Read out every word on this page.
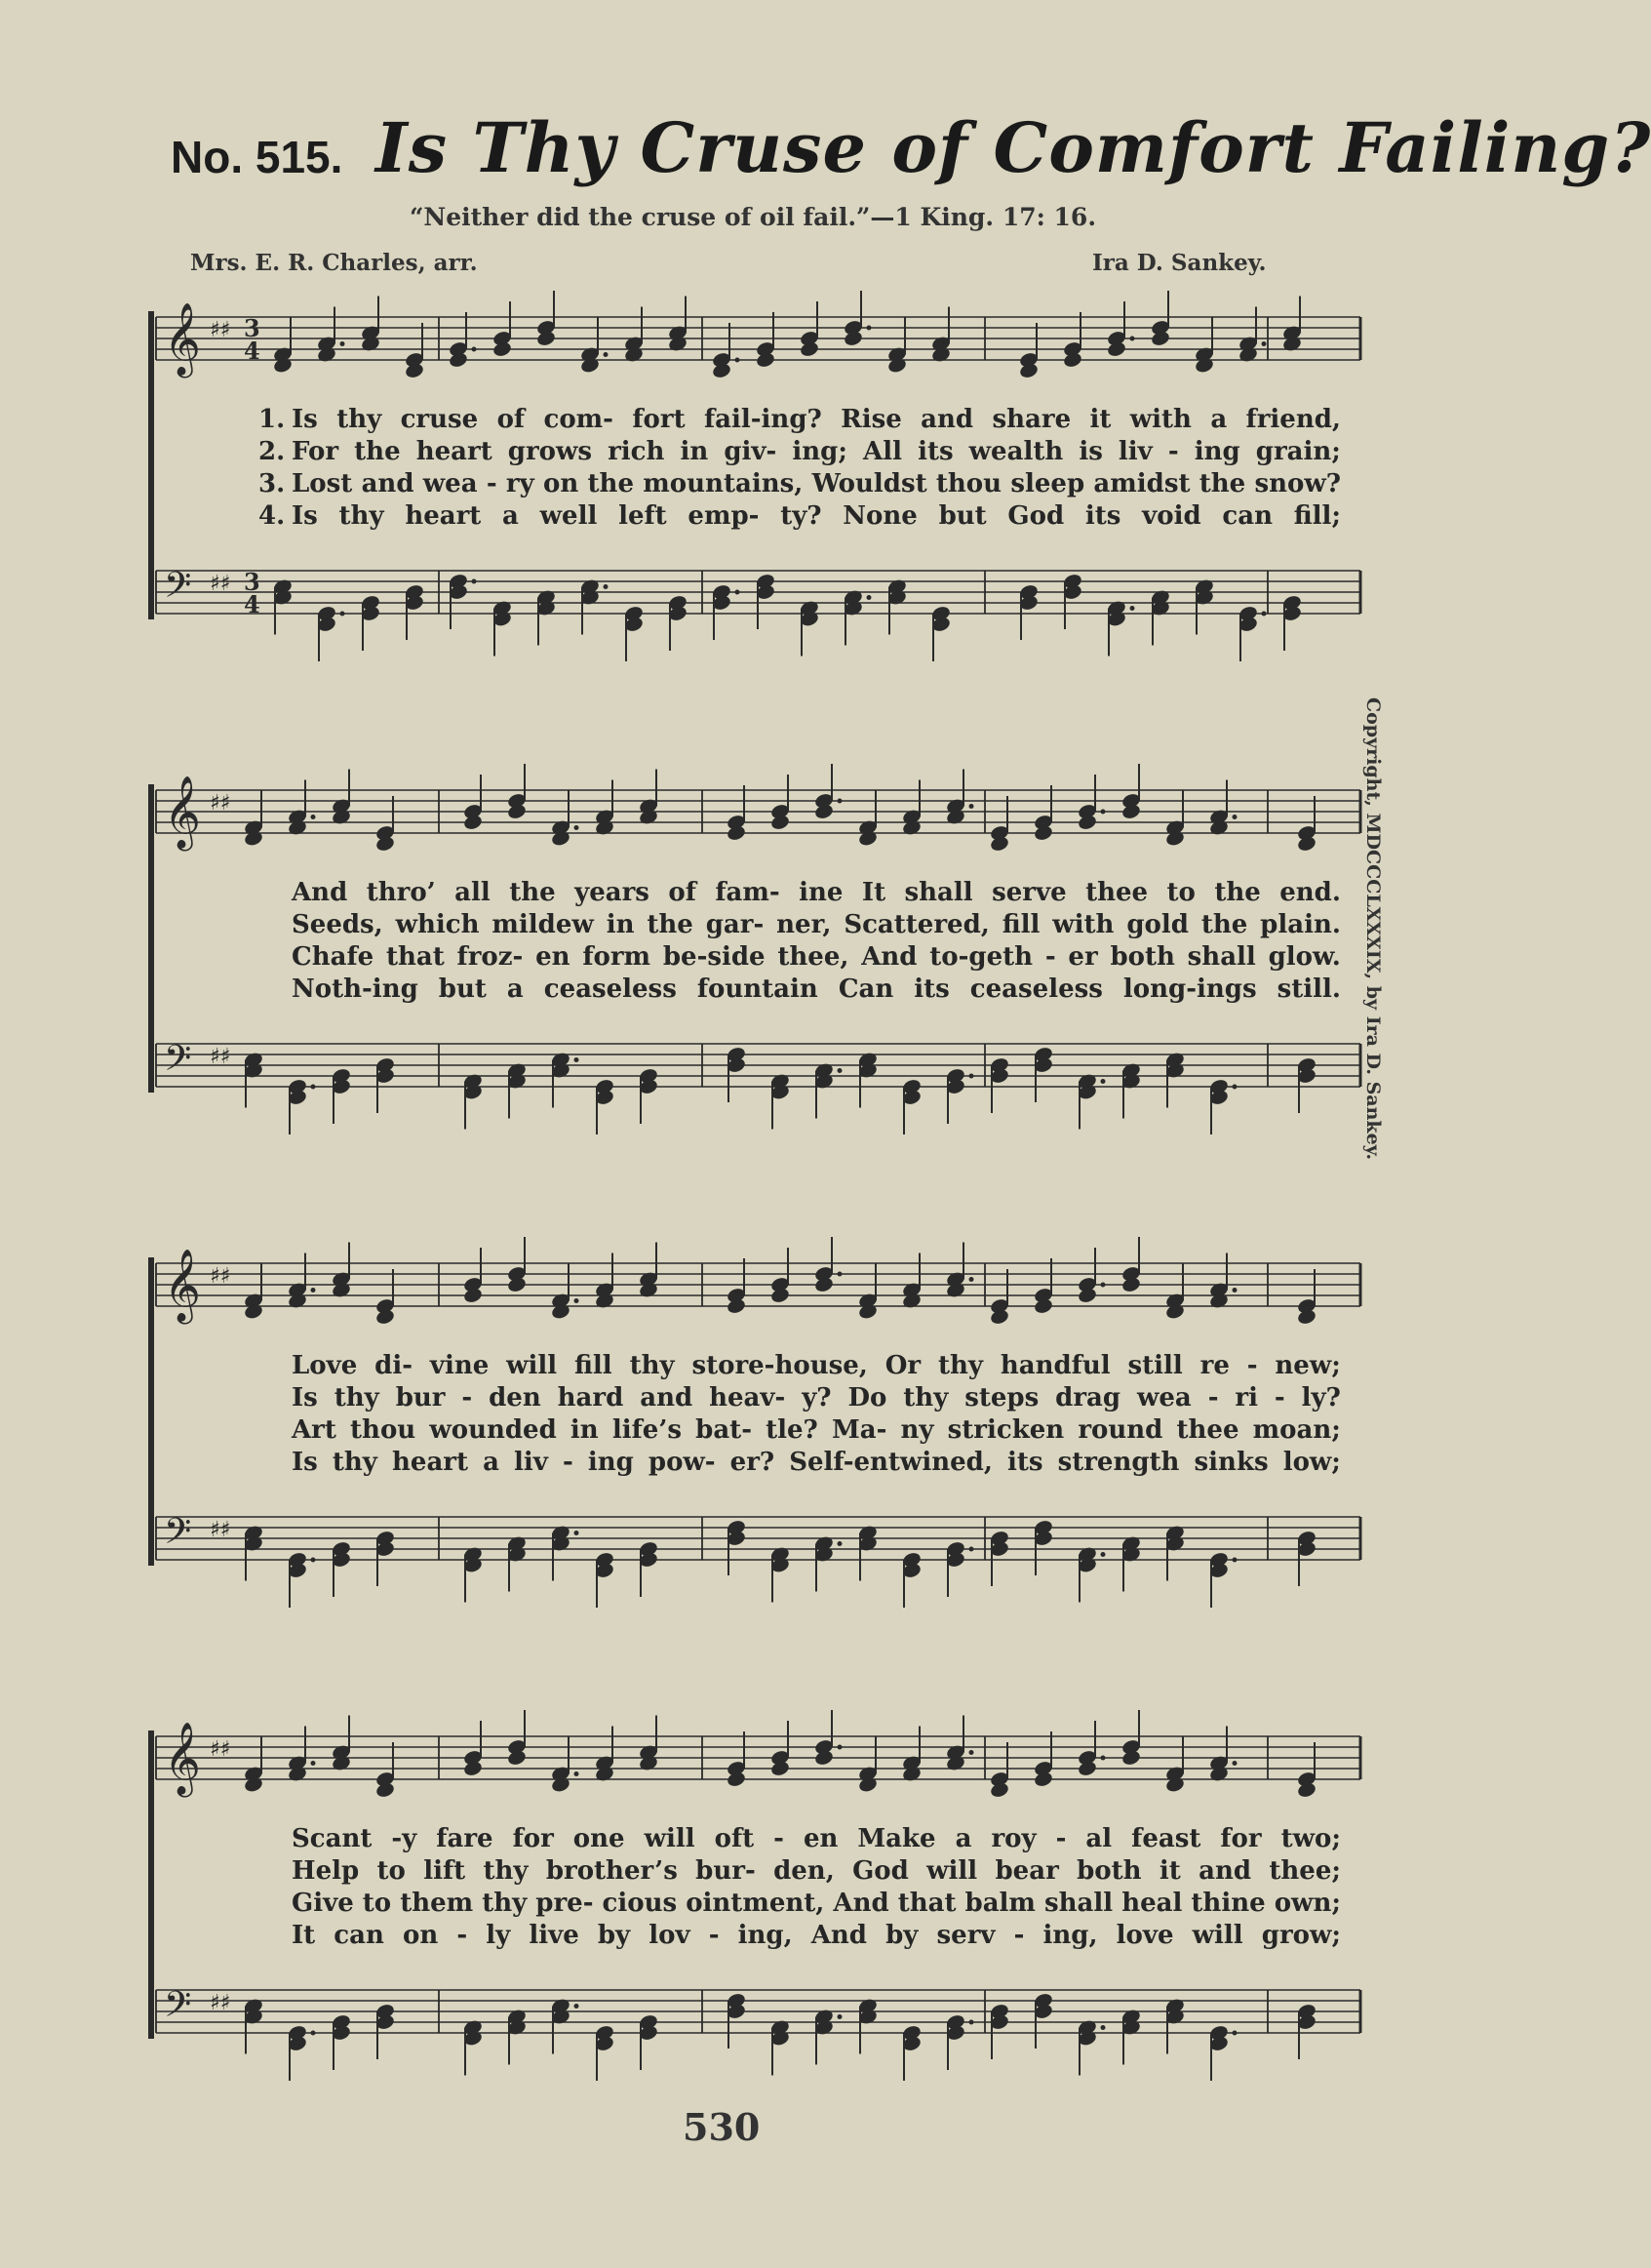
No. 515. Is Thy Cruse of Comfort Failing?
“Neither did the cruse of oil fail.”—1 King. 17: 16.
Mrs. E. R. Charles, arr.	Ira D. Sankey.
𝄞 ♯♯ 3
4
𝄢 ♯♯ 3
4
1. Is thy cruse of com- fort fail-ing? Rise and share it with a friend,
2. For the heart grows rich in giv- ing; All its wealth is liv - ing grain;
3. Lost and wea - ry on the mountains, Wouldst thou sleep amidst the snow?
4. Is thy heart a well left emp- ty? None but God its void can fill;
𝄞 ♯♯
𝄢 ♯♯
And thro’ all the years of fam- ine It shall serve thee to the end.
Seeds, which mildew in the gar- ner, Scattered, fill with gold the plain.
Chafe that froz- en form be-side thee, And to-geth - er both shall glow.
Noth-ing but a ceaseless fountain Can its ceaseless long-ings still.
𝄞 ♯♯
𝄢 ♯♯
Love di- vine will fill thy store-house, Or thy handful still re - new;
Is thy bur - den hard and heav- y? Do thy steps drag wea - ri - ly?
Art thou wounded in life’s bat- tle? Ma- ny stricken round thee moan;
Is thy heart a liv - ing pow- er? Self-entwined, its strength sinks low;
𝄞 ♯♯
𝄢 ♯♯
Scant -y fare for one will oft - en Make a roy - al feast for two;
Help to lift thy brother’s bur- den, God will bear both it and thee;
Give to them thy pre- cious ointment, And that balm shall heal thine own;
It can on - ly live by lov - ing, And by serv - ing, love will grow;
Copyright, MDCCCLXXXIX, by Ira D. Sankey.
530
